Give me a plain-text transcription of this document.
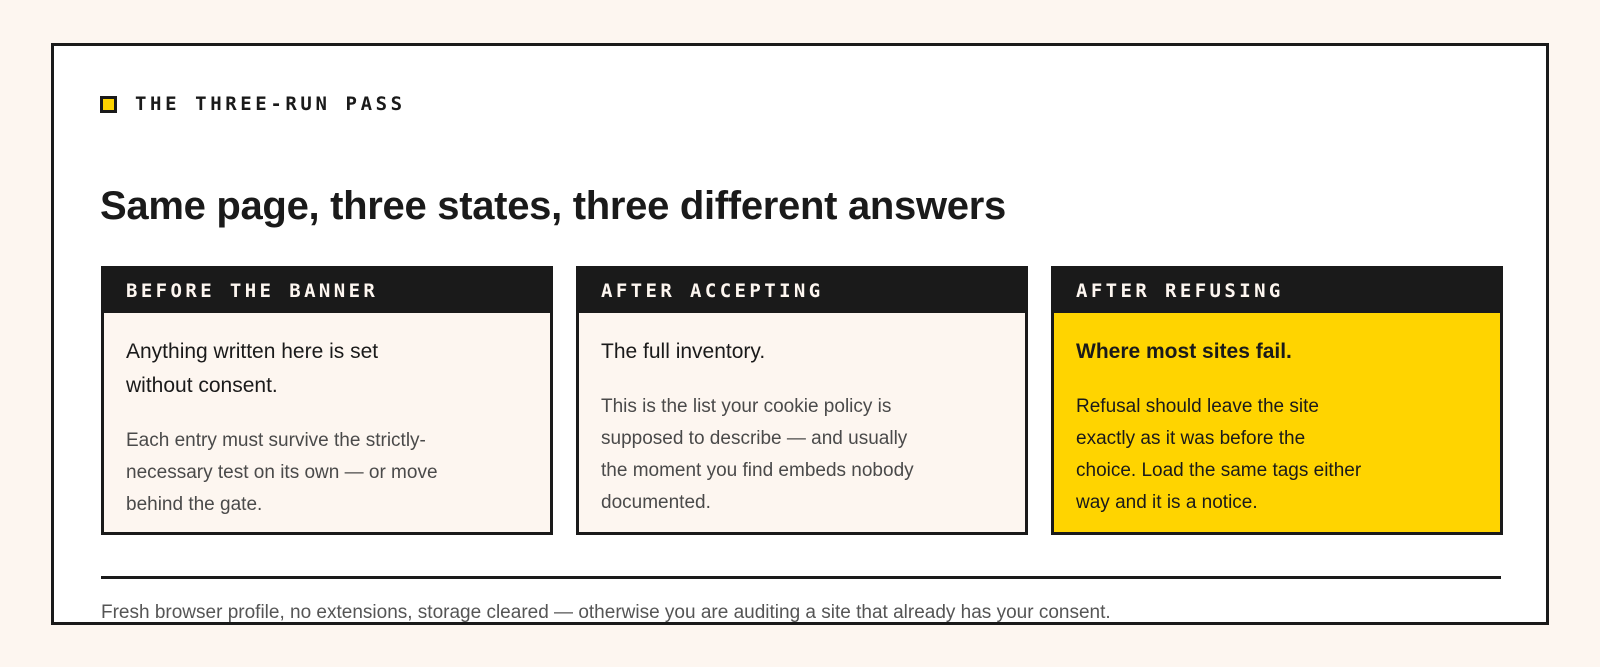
THE THREE-RUN PASS
Same page, three states, three different answers
BEFORE THE BANNER

Anything written here is set without consent.

Each entry must survive the strictly-necessary test on its own — or move behind the gate.

AFTER ACCEPTING

The full inventory.

This is the list your cookie policy is supposed to describe — and usually the moment you find embeds nobody documented.

AFTER REFUSING

Where most sites fail.

Refusal should leave the site exactly as it was before the choice. Load the same tags either way and it is a notice.

Fresh browser profile, no extensions, storage cleared — otherwise you are auditing a site that already has your consent.
